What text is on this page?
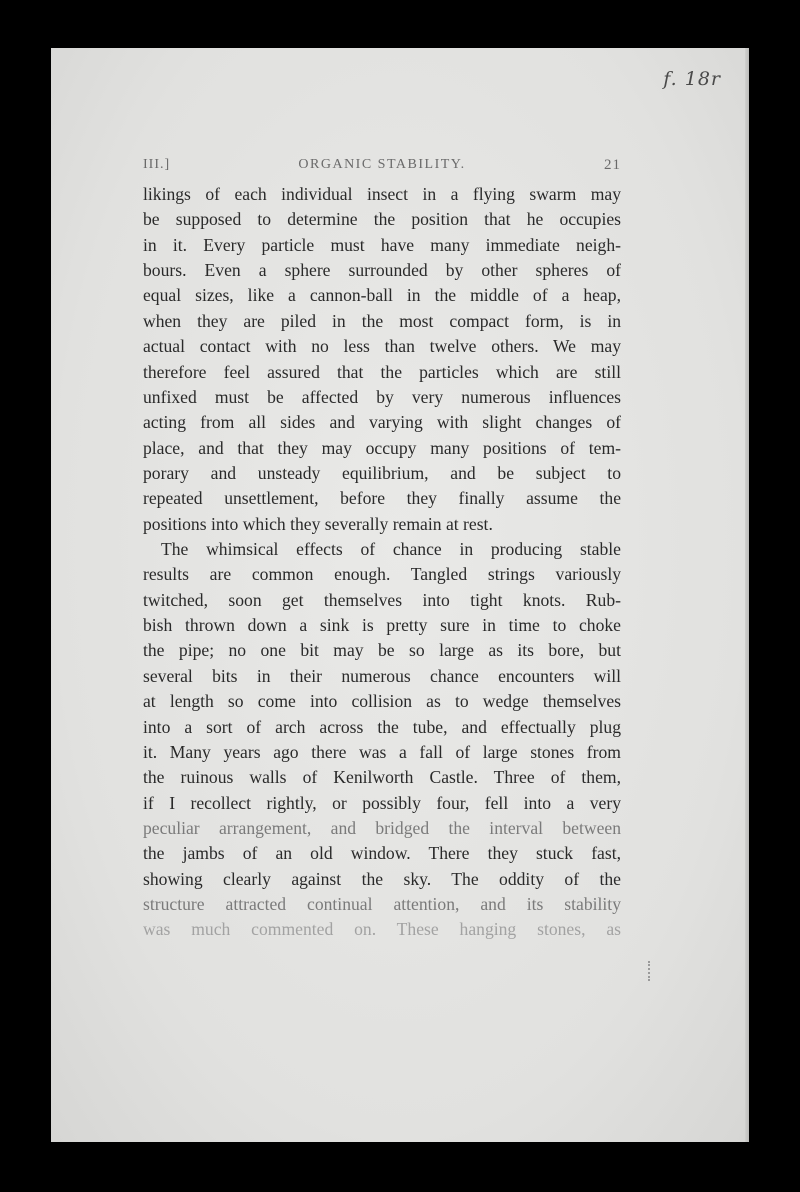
f. 18r
III.]	ORGANIC STABILITY.	21
likings of each individual insect in a flying swarm may
be supposed to determine the position that he occupies
in it. Every particle must have many immediate neigh-
bours. Even a sphere surrounded by other spheres of
equal sizes, like a cannon-ball in the middle of a heap,
when they are piled in the most compact form, is in
actual contact with no less than twelve others. We may
therefore feel assured that the particles which are still
unfixed must be affected by very numerous influences
acting from all sides and varying with slight changes of
place, and that they may occupy many positions of tem-
porary and unsteady equilibrium, and be subject to
repeated unsettlement, before they finally assume the
positions into which they severally remain at rest.
The whimsical effects of chance in producing stable
results are common enough. Tangled strings variously
twitched, soon get themselves into tight knots. Rub-
bish thrown down a sink is pretty sure in time to choke
the pipe; no one bit may be so large as its bore, but
several bits in their numerous chance encounters will
at length so come into collision as to wedge themselves
into a sort of arch across the tube, and effectually plug
it. Many years ago there was a fall of large stones from
the ruinous walls of Kenilworth Castle. Three of them,
if I recollect rightly, or possibly four, fell into a very
peculiar arrangement, and bridged the interval between
the jambs of an old window. There they stuck fast,
showing clearly against the sky. The oddity of the
structure attracted continual attention, and its stability
was much commented on. These hanging stones, as
